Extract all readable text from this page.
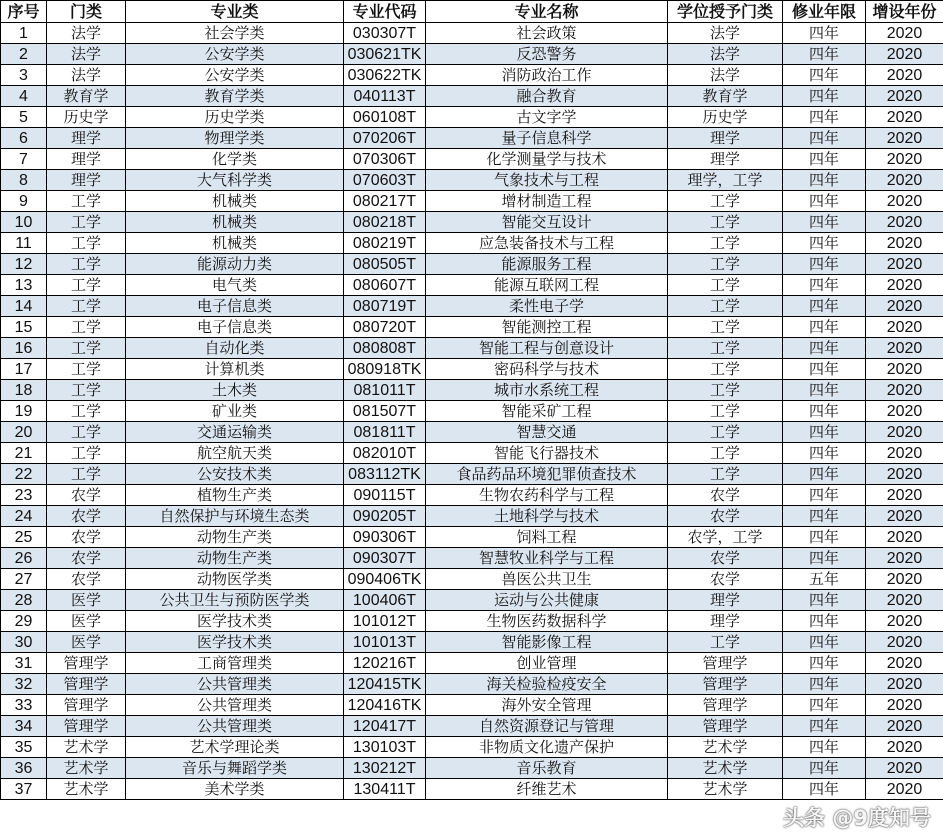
序号	门类	专业类	专业代码	专业名称	学位授予门类	修业年限	增设年份
1	法学	社会学类	030307T	社会政策	法学	四年	2020
2	法学	公安学类	030621TK	反恐警务	法学	四年	2020
3	法学	公安学类	030622TK	消防政治工作	法学	四年	2020
4	教育学	教育学类	040113T	融合教育	教育学	四年	2020
5	历史学	历史学类	060108T	古文字学	历史学	四年	2020
6	理学	物理学类	070206T	量子信息科学	理学	四年	2020
7	理学	化学类	070306T	化学测量学与技术	理学	四年	2020
8	理学	大气科学类	070603T	气象技术与工程	理学，工学	四年	2020
9	工学	机械类	080217T	增材制造工程	工学	四年	2020
10	工学	机械类	080218T	智能交互设计	工学	四年	2020
11	工学	机械类	080219T	应急装备技术与工程	工学	四年	2020
12	工学	能源动力类	080505T	能源服务工程	工学	四年	2020
13	工学	电气类	080607T	能源互联网工程	工学	四年	2020
14	工学	电子信息类	080719T	柔性电子学	工学	四年	2020
15	工学	电子信息类	080720T	智能测控工程	工学	四年	2020
16	工学	自动化类	080808T	智能工程与创意设计	工学	四年	2020
17	工学	计算机类	080918TK	密码科学与技术	工学	四年	2020
18	工学	土木类	081011T	城市水系统工程	工学	四年	2020
19	工学	矿业类	081507T	智能采矿工程	工学	四年	2020
20	工学	交通运输类	081811T	智慧交通	工学	四年	2020
21	工学	航空航天类	082010T	智能飞行器技术	工学	四年	2020
22	工学	公安技术类	083112TK	食品药品环境犯罪侦查技术	工学	四年	2020
23	农学	植物生产类	090115T	生物农药科学与工程	农学	四年	2020
24	农学	自然保护与环境生态类	090205T	土地科学与技术	农学	四年	2020
25	农学	动物生产类	090306T	饲料工程	农学，工学	四年	2020
26	农学	动物生产类	090307T	智慧牧业科学与工程	农学	四年	2020
27	农学	动物医学类	090406TK	兽医公共卫生	农学	五年	2020
28	医学	公共卫生与预防医学类	100406T	运动与公共健康	理学	四年	2020
29	医学	医学技术类	101012T	生物医药数据科学	理学	四年	2020
30	医学	医学技术类	101013T	智能影像工程	工学	四年	2020
31	管理学	工商管理类	120216T	创业管理	管理学	四年	2020
32	管理学	公共管理类	120415TK	海关检验检疫安全	管理学	四年	2020
33	管理学	公共管理类	120416TK	海外安全管理	管理学	四年	2020
34	管理学	公共管理类	120417T	自然资源登记与管理	管理学	四年	2020
35	艺术学	艺术学理论类	130103T	非物质文化遗产保护	艺术学	四年	2020
36	艺术学	音乐与舞蹈学类	130212T	音乐教育	艺术学	四年	2020
37	艺术学	美术学类	130411T	纤维艺术	艺术学	四年	2020
头条 @9度知号
